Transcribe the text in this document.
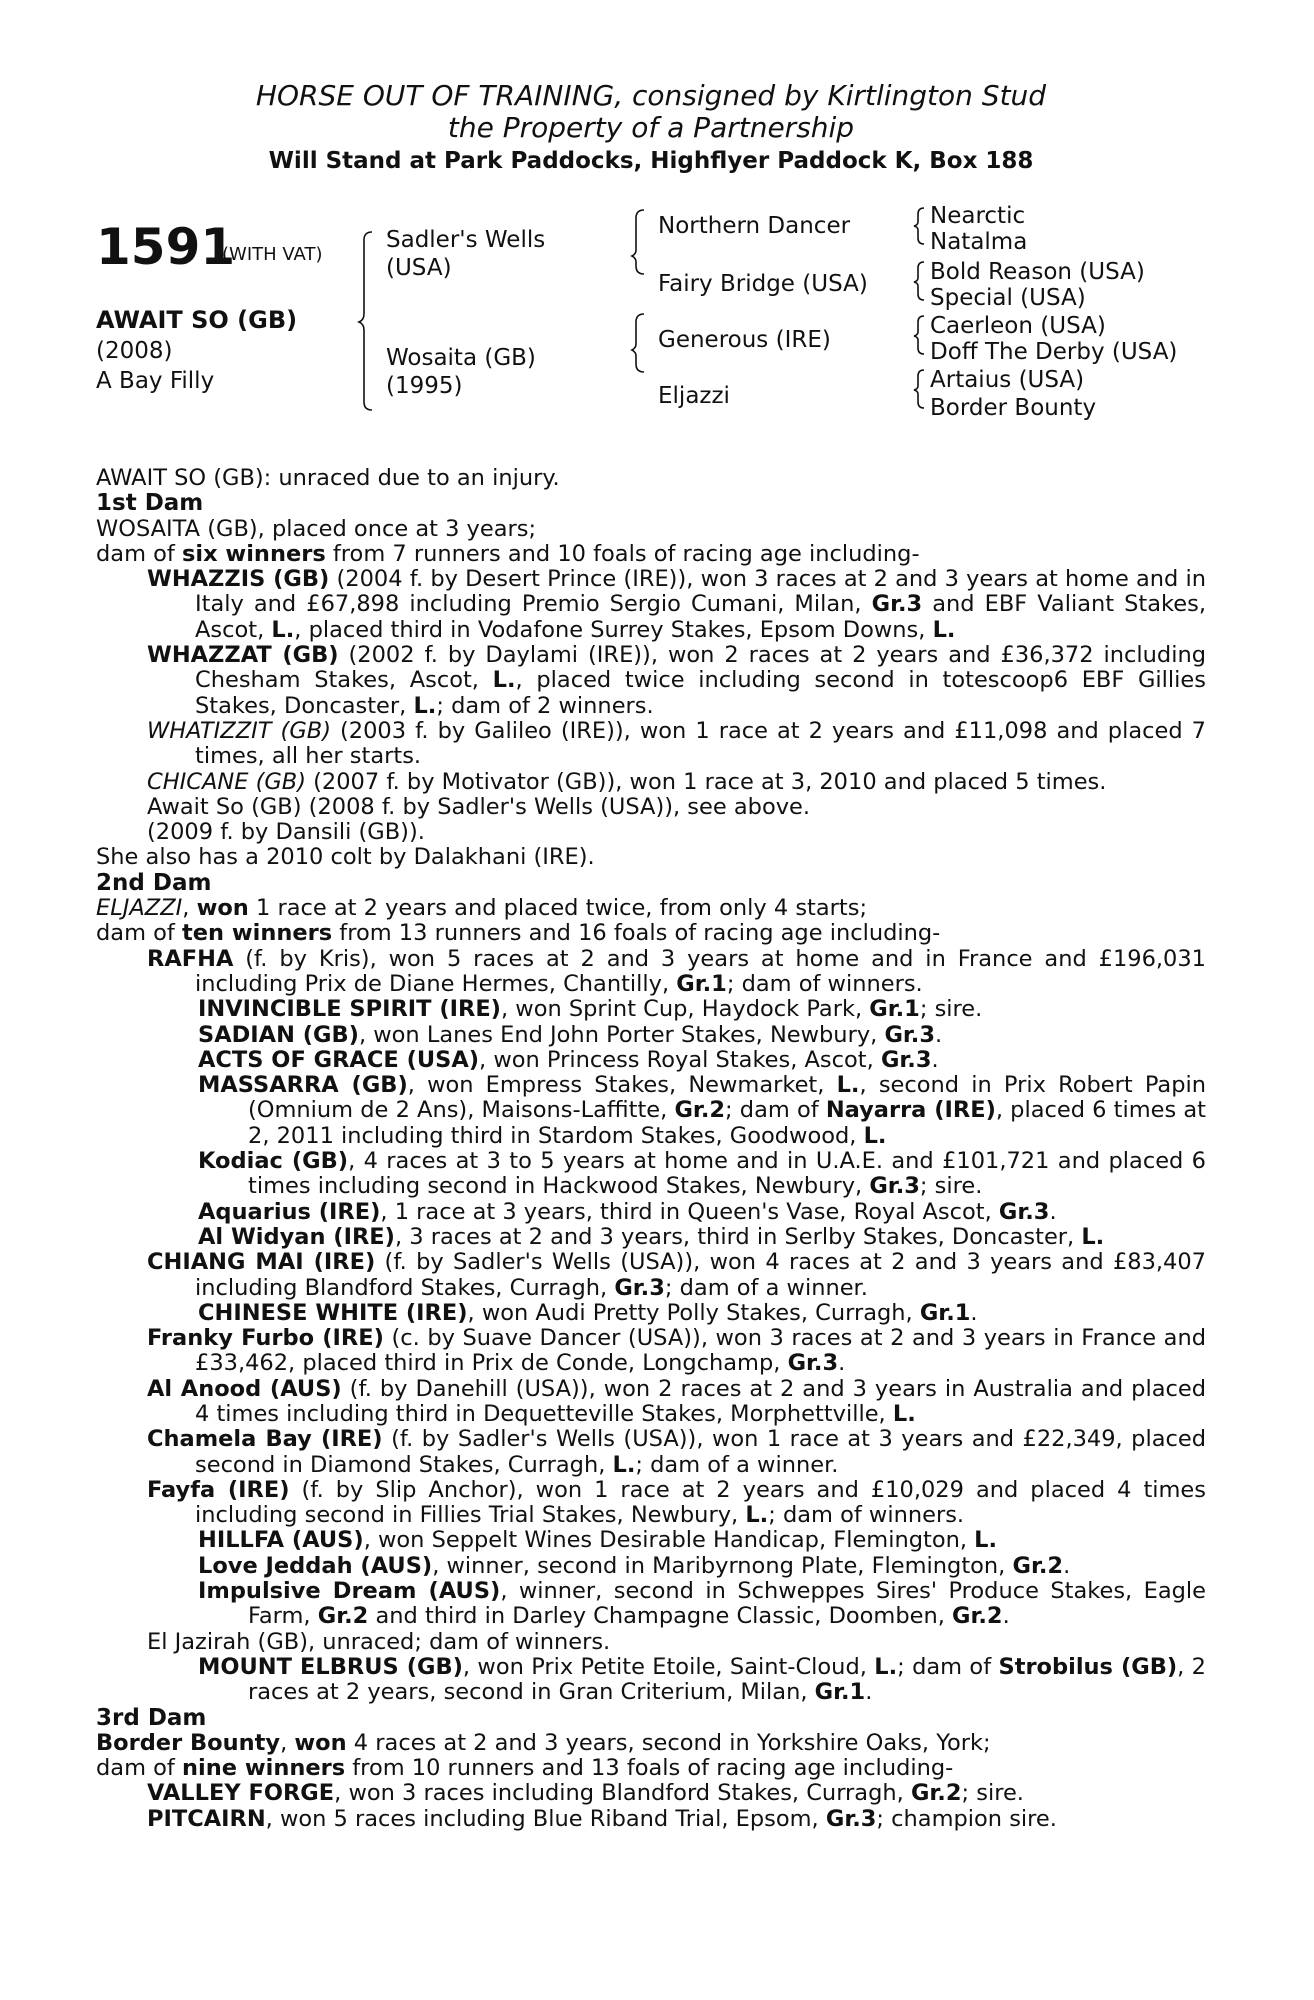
HORSE OUT OF TRAINING, consigned by Kirtlington Stud
the Property of a Partnership
Will Stand at Park Paddocks, Highflyer Paddock K, Box 188
1591
(WITH VAT)
AWAIT SO (GB)
(2008)
A Bay Filly
Sadler's Wells
(USA)
Wosaita (GB)
(1995)
Northern Dancer
Fairy Bridge (USA)
Generous (IRE)
Eljazzi
Nearctic
Natalma
Bold Reason (USA)
Special (USA)
Caerleon (USA)
Doff The Derby (USA)
Artaius (USA)
Border Bounty

AWAIT SO (GB): unraced due to an injury.

1st Dam

WOSAITA (GB), placed once at 3 years;

dam of six winners from 7 runners and 10 foals of racing age including-

WHAZZIS (GB) (2004 f. by Desert Prince (IRE)), won 3 races at 2 and 3 years at home and in Italy and £67,898 including Premio Sergio Cumani, Milan, Gr.3 and EBF Valiant Stakes, Ascot, L., placed third in Vodafone Surrey Stakes, Epsom Downs, L.

WHAZZAT (GB) (2002 f. by Daylami (IRE)), won 2 races at 2 years and £36,372 including Chesham Stakes, Ascot, L., placed twice including second in totescoop6 EBF Gillies Stakes, Doncaster, L.; dam of 2 winners.

WHATIZZIT (GB) (2003 f. by Galileo (IRE)), won 1 race at 2 years and £11,098 and placed 7 times, all her starts.

CHICANE (GB) (2007 f. by Motivator (GB)), won 1 race at 3, 2010 and placed 5 times.

Await So (GB) (2008 f. by Sadler's Wells (USA)), see above.

(2009 f. by Dansili (GB)).

She also has a 2010 colt by Dalakhani (IRE).

2nd Dam

ELJAZZI, won 1 race at 2 years and placed twice, from only 4 starts;

dam of ten winners from 13 runners and 16 foals of racing age including-

RAFHA (f. by Kris), won 5 races at 2 and 3 years at home and in France and £196,031 including Prix de Diane Hermes, Chantilly, Gr.1; dam of winners.

INVINCIBLE SPIRIT (IRE), won Sprint Cup, Haydock Park, Gr.1; sire.

SADIAN (GB), won Lanes End John Porter Stakes, Newbury, Gr.3.

ACTS OF GRACE (USA), won Princess Royal Stakes, Ascot, Gr.3.

MASSARRA (GB), won Empress Stakes, Newmarket, L., second in Prix Robert Papin (Omnium de 2 Ans), Maisons-Laffitte, Gr.2; dam of Nayarra (IRE), placed 6 times at 2, 2011 including third in Stardom Stakes, Goodwood, L.

Kodiac (GB), 4 races at 3 to 5 years at home and in U.A.E. and £101,721 and placed 6 times including second in Hackwood Stakes, Newbury, Gr.3; sire.

Aquarius (IRE), 1 race at 3 years, third in Queen's Vase, Royal Ascot, Gr.3.

Al Widyan (IRE), 3 races at 2 and 3 years, third in Serlby Stakes, Doncaster, L.

CHIANG MAI (IRE) (f. by Sadler's Wells (USA)), won 4 races at 2 and 3 years and £83,407 including Blandford Stakes, Curragh, Gr.3; dam of a winner.

CHINESE WHITE (IRE), won Audi Pretty Polly Stakes, Curragh, Gr.1.

Franky Furbo (IRE) (c. by Suave Dancer (USA)), won 3 races at 2 and 3 years in France and £33,462, placed third in Prix de Conde, Longchamp, Gr.3.

Al Anood (AUS) (f. by Danehill (USA)), won 2 races at 2 and 3 years in Australia and placed 4 times including third in Dequetteville Stakes, Morphettville, L.

Chamela Bay (IRE) (f. by Sadler's Wells (USA)), won 1 race at 3 years and £22,349, placed second in Diamond Stakes, Curragh, L.; dam of a winner.

Fayfa (IRE) (f. by Slip Anchor), won 1 race at 2 years and £10,029 and placed 4 times including second in Fillies Trial Stakes, Newbury, L.; dam of winners.

HILLFA (AUS), won Seppelt Wines Desirable Handicap, Flemington, L.

Love Jeddah (AUS), winner, second in Maribyrnong Plate, Flemington, Gr.2.

Impulsive Dream (AUS), winner, second in Schweppes Sires' Produce Stakes, Eagle Farm, Gr.2 and third in Darley Champagne Classic, Doomben, Gr.2.

El Jazirah (GB), unraced; dam of winners.

MOUNT ELBRUS (GB), won Prix Petite Etoile, Saint-Cloud, L.; dam of Strobilus (GB), 2 races at 2 years, second in Gran Criterium, Milan, Gr.1.

3rd Dam

Border Bounty, won 4 races at 2 and 3 years, second in Yorkshire Oaks, York;

dam of nine winners from 10 runners and 13 foals of racing age including-

VALLEY FORGE, won 3 races including Blandford Stakes, Curragh, Gr.2; sire.

PITCAIRN, won 5 races including Blue Riband Trial, Epsom, Gr.3; champion sire.
